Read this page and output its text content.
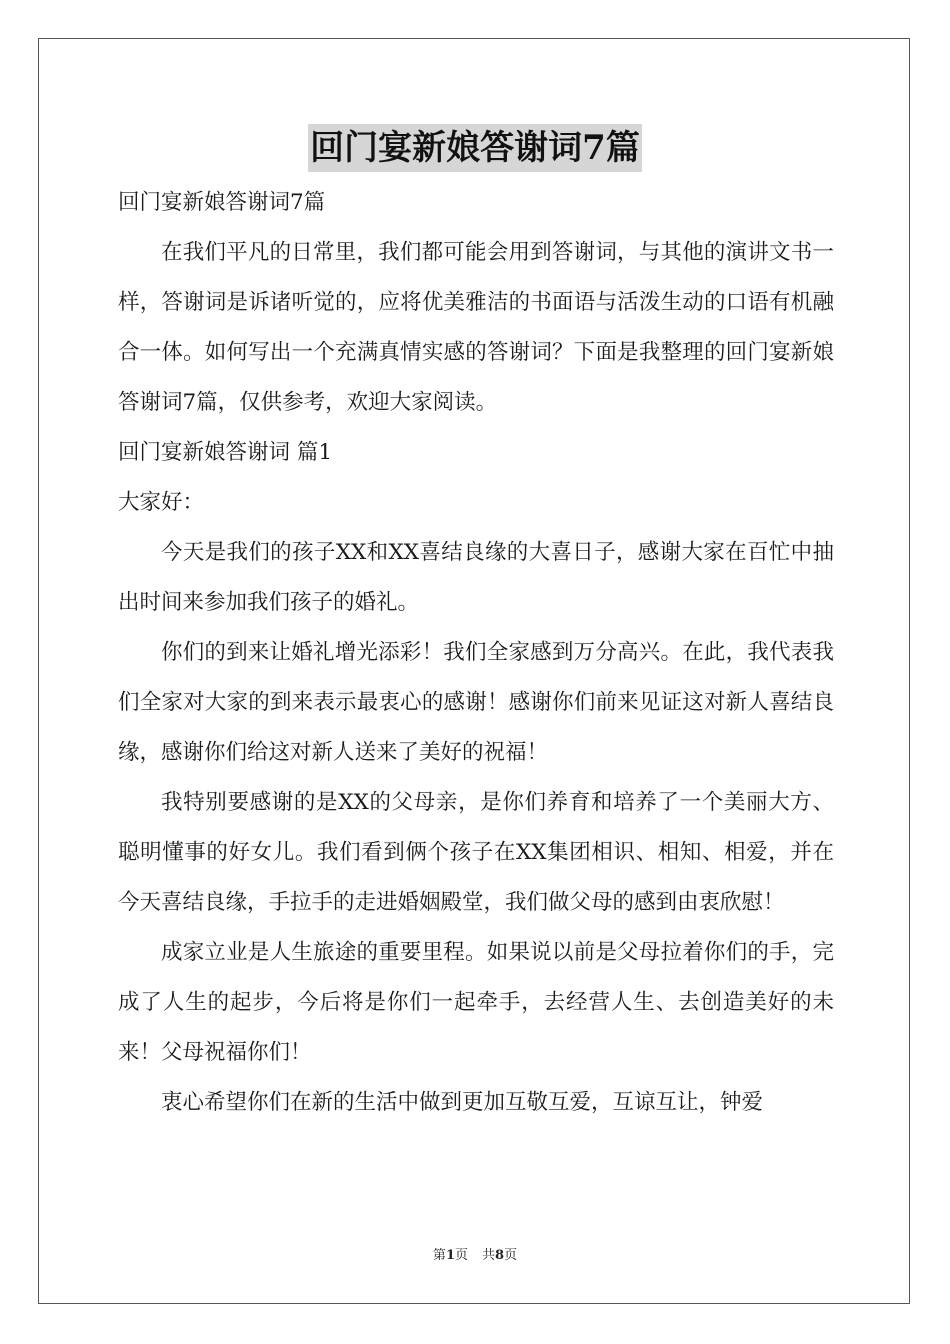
回门宴新娘答谢词7篇

回门宴新娘答谢词7篇

在我们平凡的日常里，我们都可能会用到答谢词，与其他的演讲文书一样，答谢词是诉诸听觉的，应将优美雅洁的书面语与活泼生动的口语有机融合一体。如何写出一个充满真情实感的答谢词？下面是我整理的回门宴新娘答谢词7篇，仅供参考，欢迎大家阅读。

回门宴新娘答谢词 篇1

大家好：

今天是我们的孩子XX和XX喜结良缘的大喜日子，感谢大家在百忙中抽出时间来参加我们孩子的婚礼。

你们的到来让婚礼增光添彩！我们全家感到万分高兴。在此，我代表我们全家对大家的到来表示最衷心的感谢！感谢你们前来见证这对新人喜结良缘，感谢你们给这对新人送来了美好的祝福！

我特别要感谢的是XX的父母亲，是你们养育和培养了一个美丽大方、聪明懂事的好女儿。我们看到俩个孩子在XX集团相识、相知、相爱，并在今天喜结良缘，手拉手的走进婚姻殿堂，我们做父母的感到由衷欣慰！

成家立业是人生旅途的重要里程。如果说以前是父母拉着你们的手，完成了人生的起步，今后将是你们一起牵手，去经营人生、去创造美好的未来！父母祝福你们！

衷心希望你们在新的生活中做到更加互敬互爱，互谅互让，钟爱

第1页 共8页
